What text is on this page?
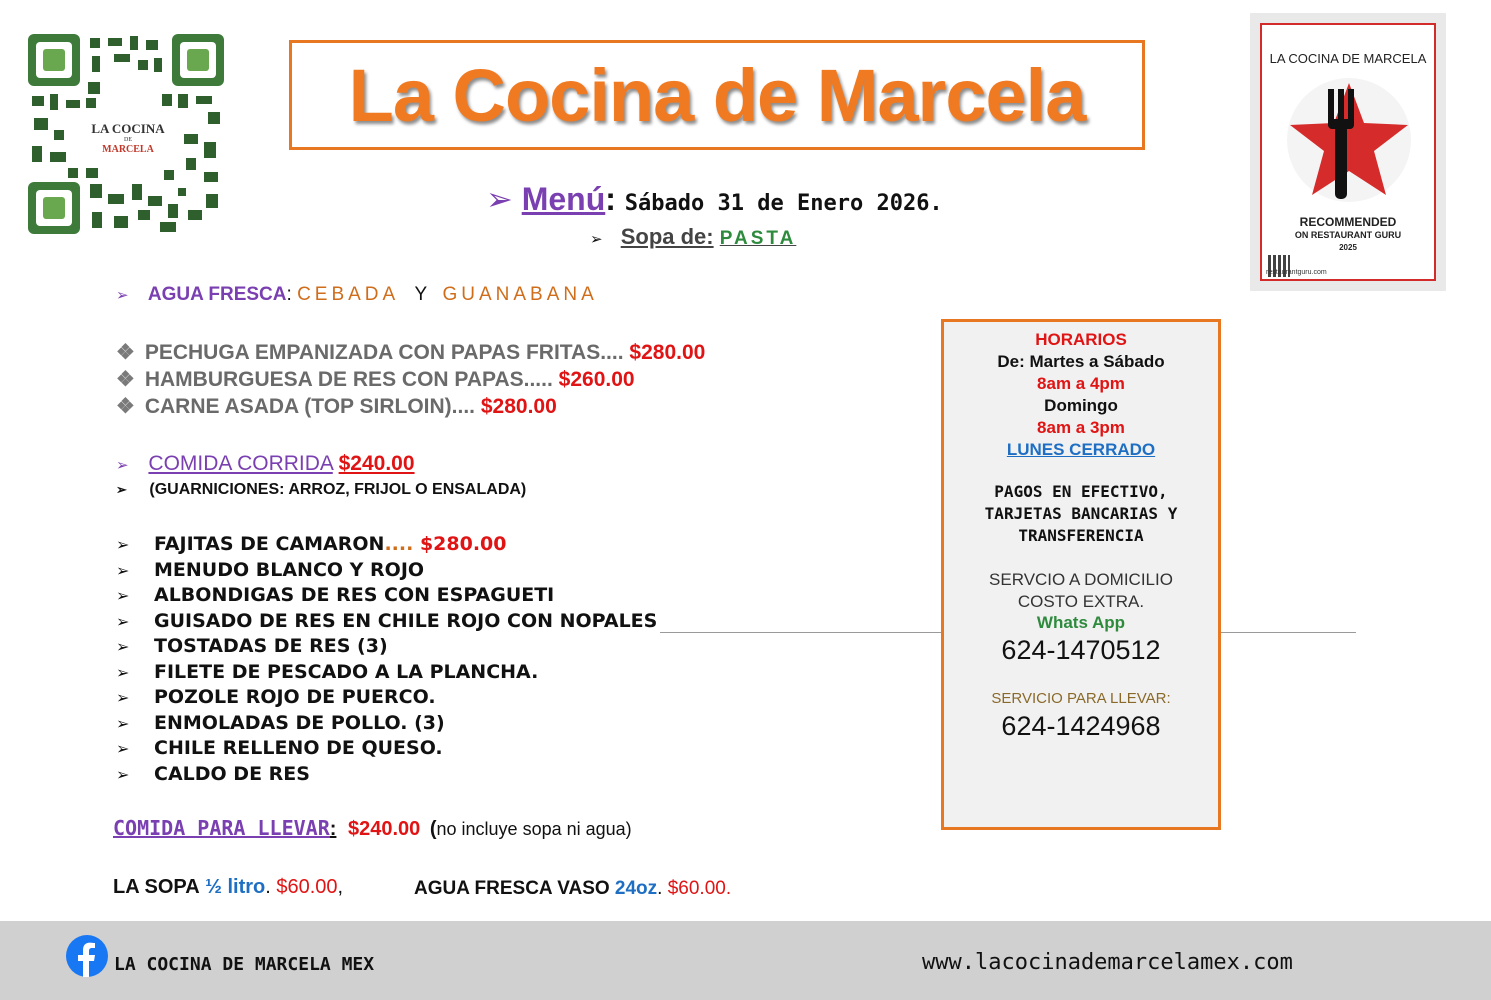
LA COCINA
DE
MARCELA
La Cocina de Marcela	LA COCINA DE MARCELA
RECOMMENDED
ON RESTAURANT GURU
2025
restaurantguru.com
➢ Menú: Sábado 31 de Enero 2026.
➢ Sopa de: PASTA
➢ AGUA FRESCA: CEBADA Y GUANABANA
❖ PECHUGA EMPANIZADA CON PAPAS FRITAS.... $280.00
❖ HAMBURGUESA DE RES CON PAPAS..... $260.00
❖ CARNE ASADA (TOP SIRLOIN).... $280.00
➢ COMIDA CORRIDA $240.00
➢ (GUARNICIONES: ARROZ, FRIJOL O ENSALADA)
➢ FAJITAS DE CAMARON.... $280.00
➢ MENUDO BLANCO Y ROJO
➢ ALBONDIGAS DE RES CON ESPAGUETI
➢ GUISADO DE RES EN CHILE ROJO CON NOPALES
➢ TOSTADAS DE RES (3)
➢ FILETE DE PESCADO A LA PLANCHA.
➢ POZOLE ROJO DE PUERCO.
➢ ENMOLADAS DE POLLO. (3)
➢ CHILE RELLENO DE QUESO.
➢ CALDO DE RES
HORARIOS
De: Martes a Sábado
8am a 4pm
Domingo
8am a 3pm
LUNES CERRADO
PAGOS EN EFECTIVO,
TARJETAS BANCARIAS Y
TRANSFERENCIA
SERVCIO A DOMICILIO
COSTO EXTRA.
Whats App
624-1470512
SERVICIO PARA LLEVAR:
624-1424968
COMIDA PARA LLEVAR: $240.00 (no incluye sopa ni agua)
LA SOPA ½ litro. $60.00,	AGUA FRESCA VASO 24oz. $60.00.
LA COCINA DE MARCELA MEX	www.lacocinademarcelamex.com
